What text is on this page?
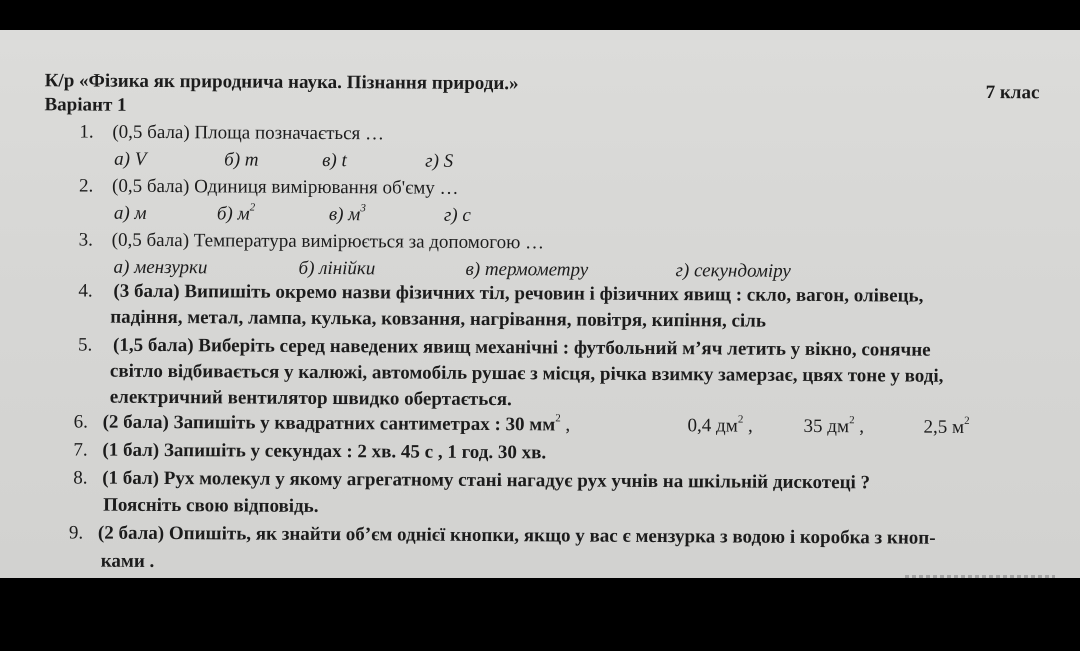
К/р «Фізика як природнича наука. Пізнання природи.»	7 клас
Варіант 1
1. (0,5 бала) Площа позначається …
а) V	б) m	в) t	г) S
2. (0,5 бала) Одиниця вимірювання об'єму …
а) м	б) $м^2$	в) $м^3$	г) с
3. (0,5 бала) Температура вимірюється за допомогою …
а) мензурки	б) лінійки	в) термометру	г) секундоміру
4. (3 бала) Випишіть окремо назви фізичних тіл, речовин і фізичних явищ : скло, вагон, олівець,
падіння, метал, лампа, кулька, ковзання, нагрівання, повітря, кипіння, сіль
5. (1,5 бала) Виберіть серед наведених явищ механічні : футбольний м’яч летить у вікно, сонячне
світло відбивається у калюжі, автомобіль рушає з місця, річка взимку замерзає, цвях тоне у воді,
електричний вентилятор швидко обертається.
6. (2 бала) Запишіть у квадратних сантиметрах : 30 $мм^2$ ,	0,4 $дм^2$ ,	35 $дм^2$ ,	2,5 $м^2$
7. (1 бал) Запишіть у секундах : 2 хв. 45 с , 1 год. 30 хв.
8. (1 бал) Рух молекул у якому агрегатному стані нагадує рух учнів на шкільній дискотеці ?
Поясніть свою відповідь.
9. (2 бала) Опишіть, як знайти об’єм однієї кнопки, якщо у вас є мензурка з водою і коробка з кноп-
ками .
